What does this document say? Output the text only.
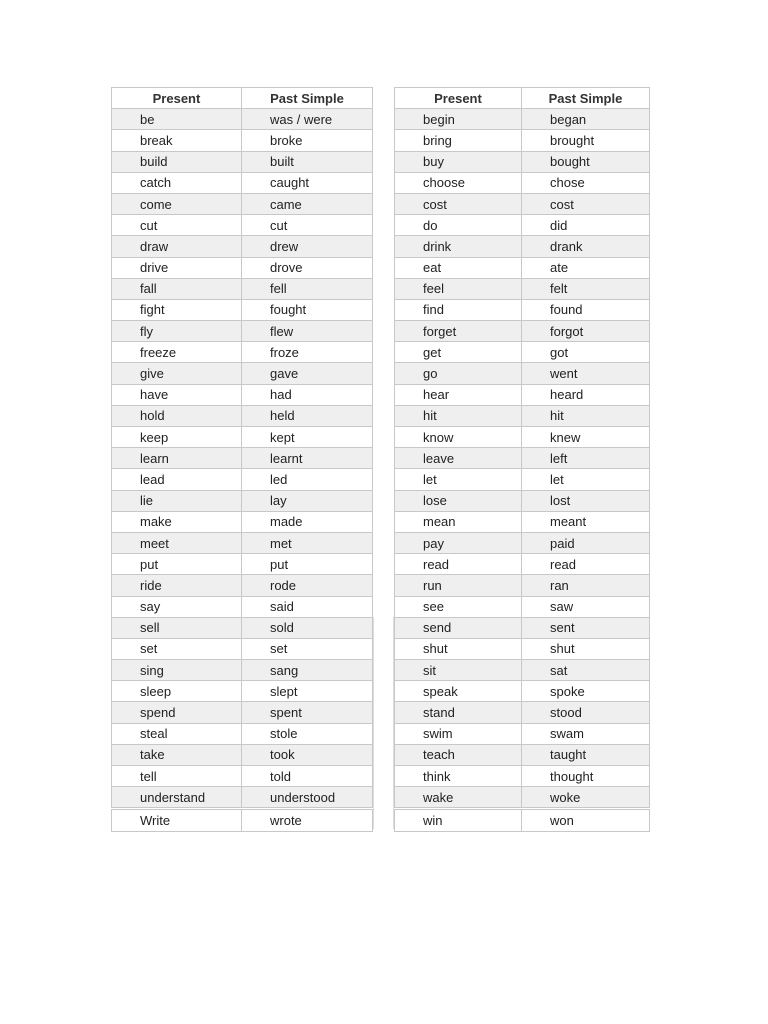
Present	Past Simple
be	was / were
break	broke
build	built
catch	caught
come	came
cut	cut
draw	drew
drive	drove
fall	fell
fight	fought
fly	flew
freeze	froze
give	gave
have	had
hold	held
keep	kept
learn	learnt
lead	led
lie	lay
make	made
meet	met
put	put
ride	rode
say	said
sell	sold
set	set
sing	sang
sleep	slept
spend	spent
steal	stole
take	took
tell	told
understand	understood
Write	wrote
Present	Past Simple
begin	began
bring	brought
buy	bought
choose	chose
cost	cost
do	did
drink	drank
eat	ate
feel	felt
find	found
forget	forgot
get	got
go	went
hear	heard
hit	hit
know	knew
leave	left
let	let
lose	lost
mean	meant
pay	paid
read	read
run	ran
see	saw
send	sent
shut	shut
sit	sat
speak	spoke
stand	stood
swim	swam
teach	taught
think	thought
wake	woke
win	won
